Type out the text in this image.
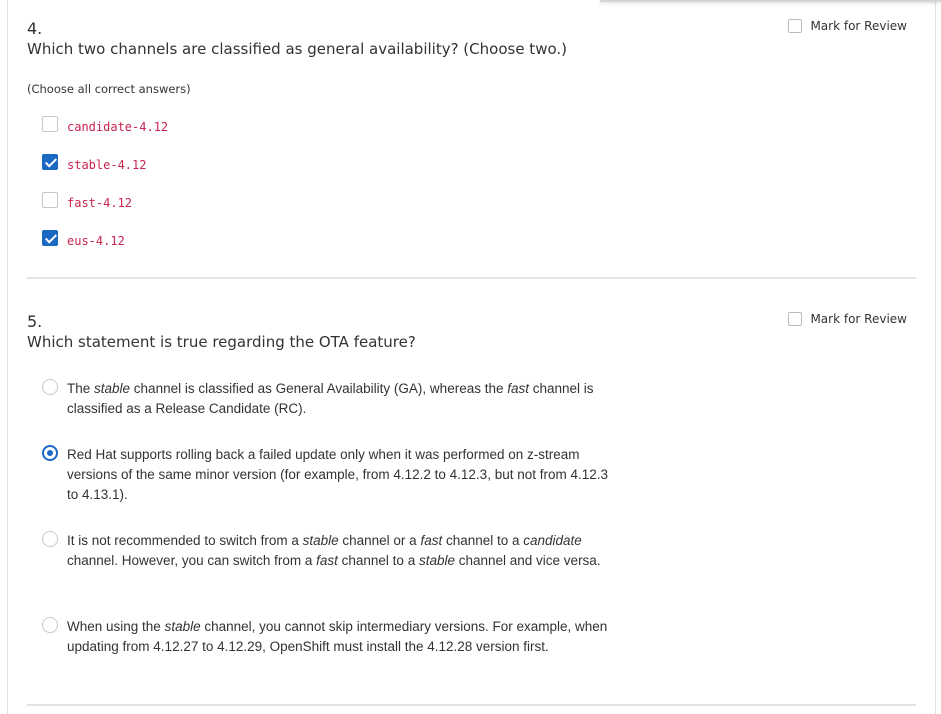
4.	Mark for Review
Which two channels are classified as general availability? (Choose two.)
(Choose all correct answers)
candidate-4.12
stable-4.12
fast-4.12
eus-4.12
5.	Mark for Review
Which statement is true regarding the OTA feature?
The stable channel is classified as General Availability (GA), whereas the fast channel is classified as a Release Candidate (RC).
Red Hat supports rolling back a failed update only when it was performed on z-stream versions of the same minor version (for example, from 4.12.2 to 4.12.3, but not from 4.12.3 to 4.13.1).
It is not recommended to switch from a stable channel or a fast channel to a candidate channel. However, you can switch from a fast channel to a stable channel and vice versa.
When using the stable channel, you cannot skip intermediary versions. For example, when updating from 4.12.27 to 4.12.29, OpenShift must install the 4.12.28 version first.
